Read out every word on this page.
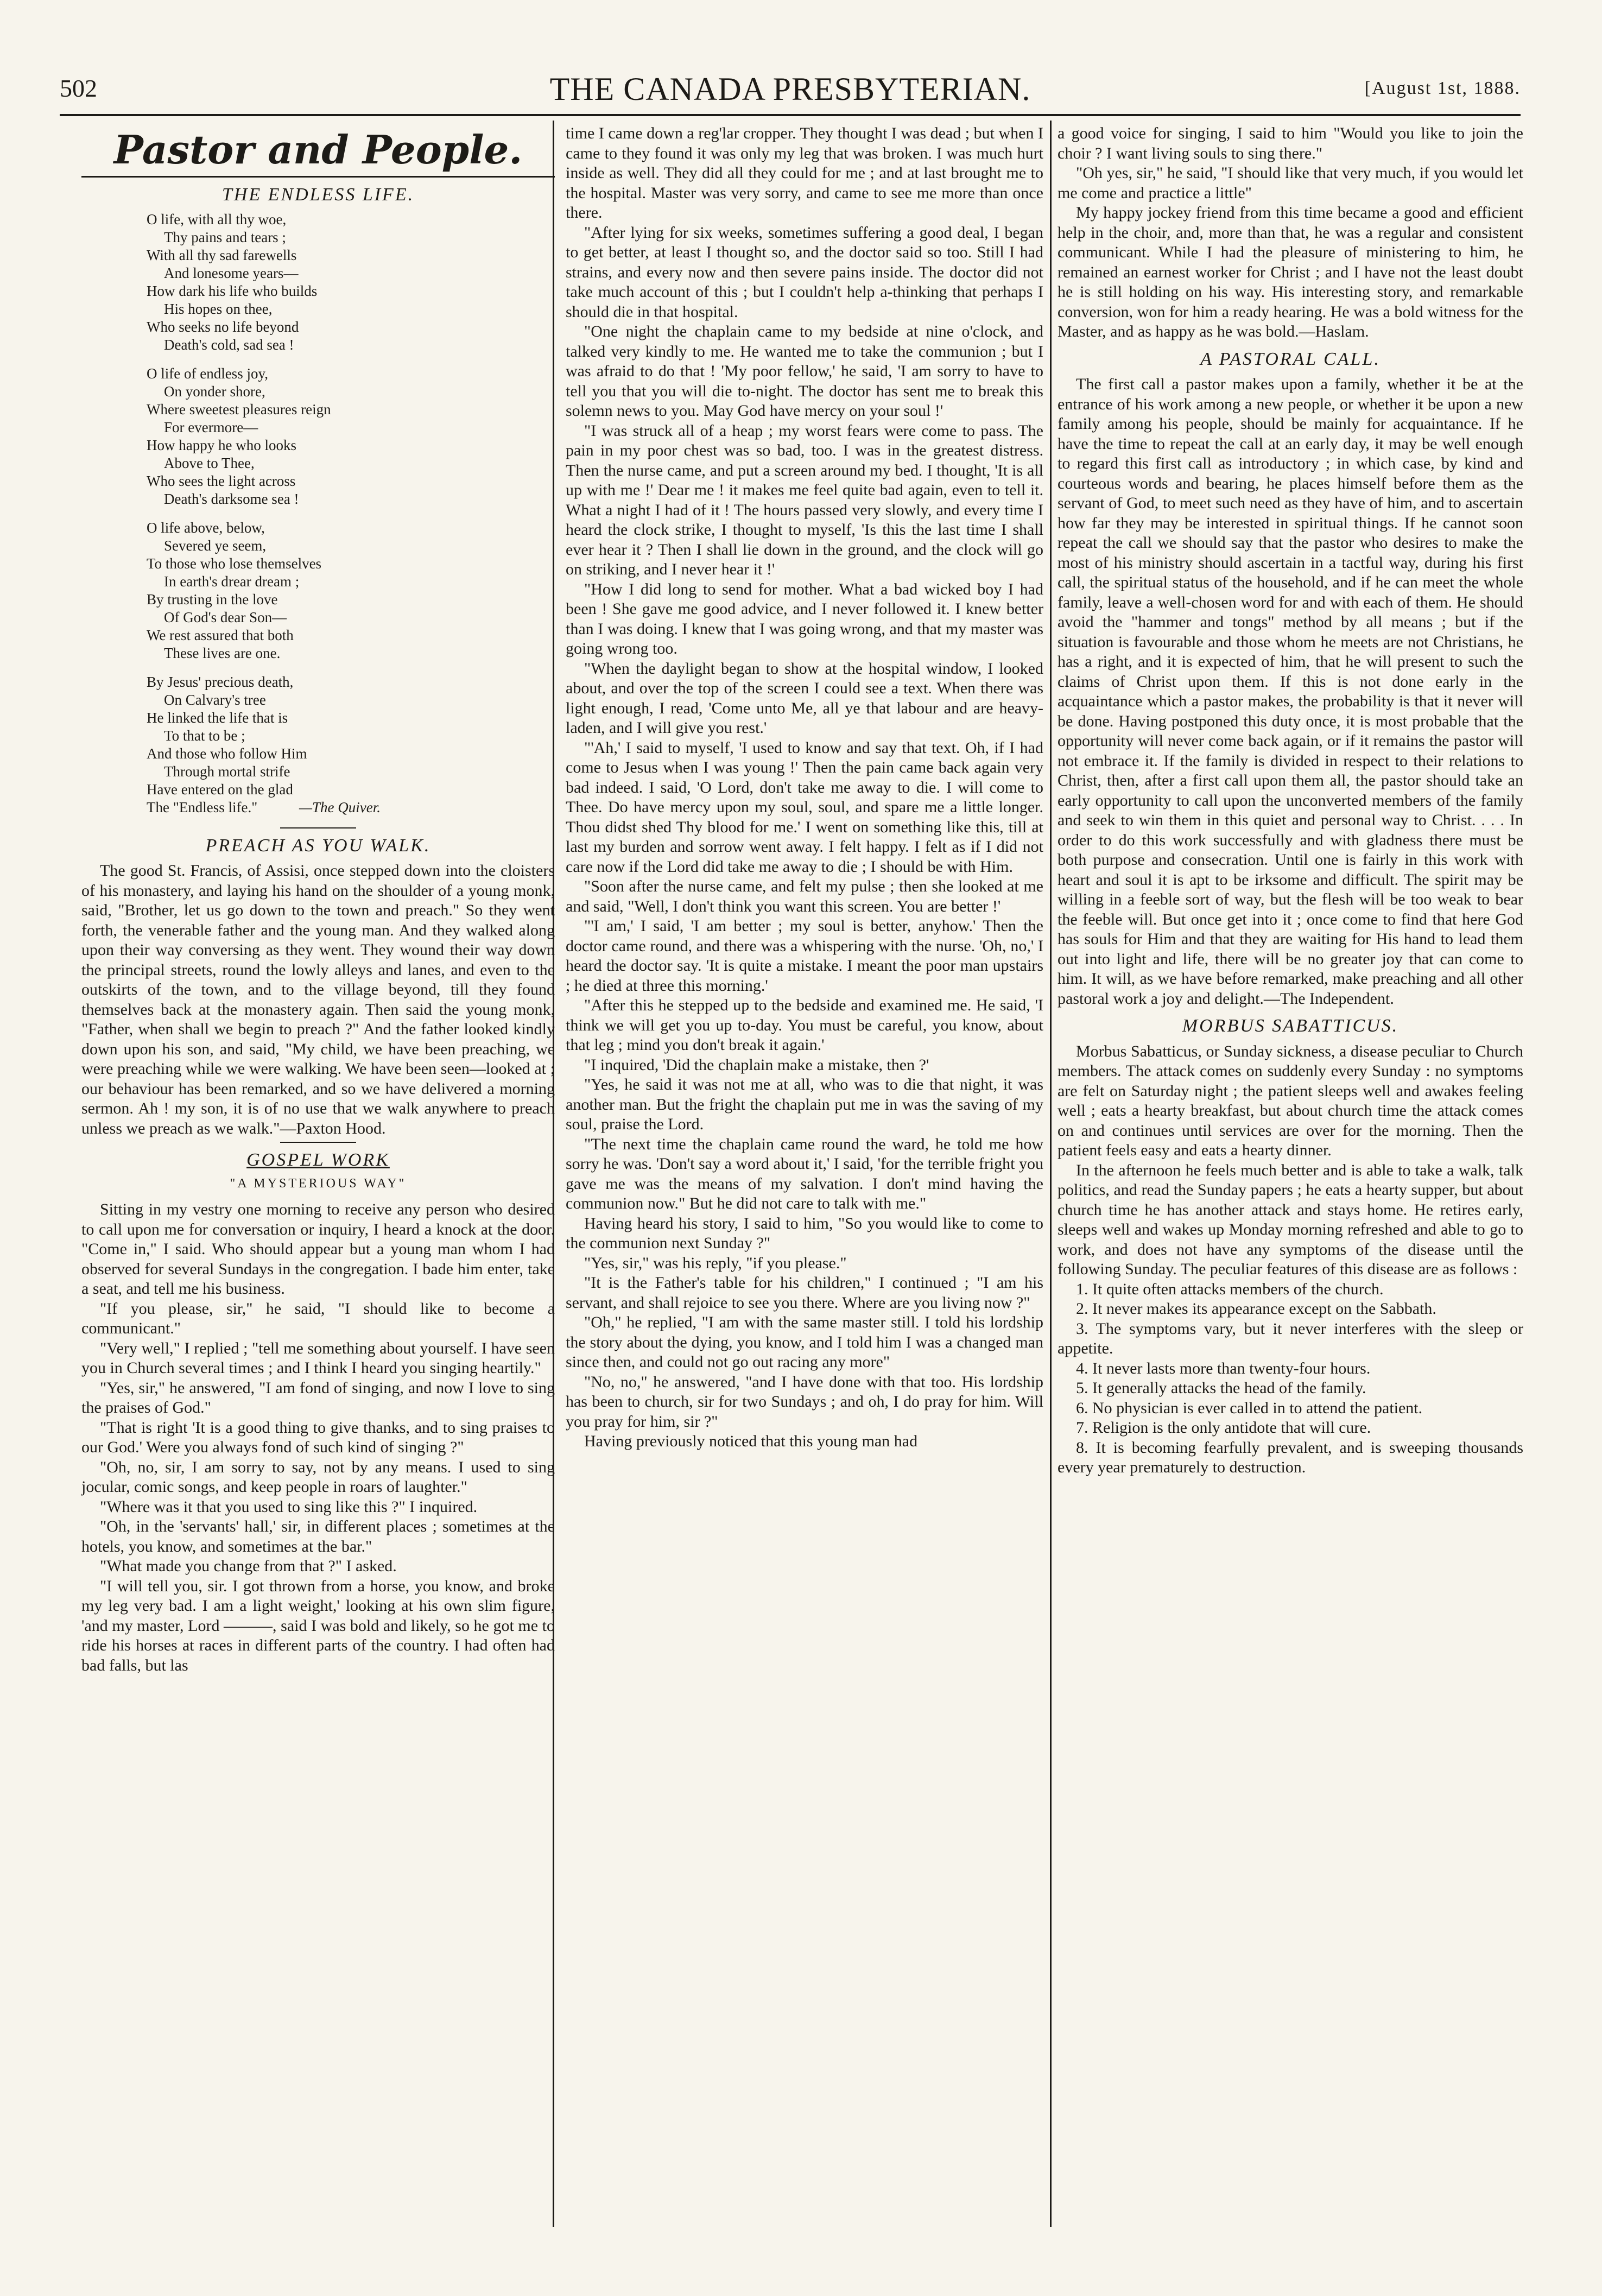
502	THE CANADA PRESBYTERIAN.	[August 1st, 1888.
Pastor and People.
THE ENDLESS LIFE.
O life, with all thy woe,
Thy pains and tears ;
With all thy sad farewells
And lonesome years—
How dark his life who builds
His hopes on thee,
Who seeks no life beyond
Death's cold, sad sea !
O life of endless joy,
On yonder shore,
Where sweetest pleasures reign
For evermore—
How happy he who looks
Above to Thee,
Who sees the light across
Death's darksome sea !
O life above, below,
Severed ye seem,
To those who lose themselves
In earth's drear dream ;
By trusting in the love
Of God's dear Son—
We rest assured that both
These lives are one.
By Jesus' precious death,
On Calvary's tree
He linked the life that is
To that to be ;
And those who follow Him
Through mortal strife
Have entered on the glad
The "Endless life."	—The Quiver.
PREACH AS YOU WALK.

The good St. Francis, of Assisi, once stepped down into the cloisters of his monastery, and laying his hand on the shoulder of a young monk, said, "Brother, let us go down to the town and preach." So they went forth, the venerable father and the young man. And they walked along upon their way conversing as they went. They wound their way down the principal streets, round the lowly alleys and lanes, and even to the outskirts of the town, and to the village beyond, till they found themselves back at the monastery again. Then said the young monk, "Father, when shall we begin to preach ?" And the father looked kindly down upon his son, and said, "My child, we have been preaching, we were preaching while we were walking. We have been seen—looked at ; our behaviour has been remarked, and so we have delivered a morning sermon. Ah ! my son, it is of no use that we walk anywhere to preach unless we preach as we walk."—Paxton Hood.

GOSPEL WORK
"A MYSTERIOUS WAY"

Sitting in my vestry one morning to receive any person who desired to call upon me for conversation or inquiry, I heard a knock at the door. "Come in," I said. Who should appear but a young man whom I had observed for several Sundays in the congregation. I bade him enter, take a seat, and tell me his business.

"If you please, sir," he said, "I should like to become a communicant."

"Very well," I replied ; "tell me something about yourself. I have seen you in Church several times ; and I think I heard you singing heartily."

"Yes, sir," he answered, "I am fond of singing, and now I love to sing the praises of God."

"That is right 'It is a good thing to give thanks, and to sing praises to our God.' Were you always fond of such kind of singing ?"

"Oh, no, sir, I am sorry to say, not by any means. I used to sing jocular, comic songs, and keep people in roars of laughter."

"Where was it that you used to sing like this ?" I inquired.

"Oh, in the 'servants' hall,' sir, in different places ; sometimes at the hotels, you know, and sometimes at the bar."

"What made you change from that ?" I asked.

"I will tell you, sir. I got thrown from a horse, you know, and broke my leg very bad. I am a light weight,' looking at his own slim figure, 'and my master, Lord ———, said I was bold and likely, so he got me to ride his horses at races in different parts of the country. I had often had bad falls, but las

time I came down a reg'lar cropper. They thought I was dead ; but when I came to they found it was only my leg that was broken. I was much hurt inside as well. They did all they could for me ; and at last brought me to the hospital. Master was very sorry, and came to see me more than once there.

"After lying for six weeks, sometimes suffering a good deal, I began to get better, at least I thought so, and the doctor said so too. Still I had strains, and every now and then severe pains inside. The doctor did not take much account of this ; but I couldn't help a-thinking that perhaps I should die in that hospital.

"One night the chaplain came to my bedside at nine o'clock, and talked very kindly to me. He wanted me to take the communion ; but I was afraid to do that ! 'My poor fellow,' he said, 'I am sorry to have to tell you that you will die to-night. The doctor has sent me to break this solemn news to you. May God have mercy on your soul !'

"I was struck all of a heap ; my worst fears were come to pass. The pain in my poor chest was so bad, too. I was in the greatest distress. Then the nurse came, and put a screen around my bed. I thought, 'It is all up with me !' Dear me ! it makes me feel quite bad again, even to tell it. What a night I had of it ! The hours passed very slowly, and every time I heard the clock strike, I thought to myself, 'Is this the last time I shall ever hear it ? Then I shall lie down in the ground, and the clock will go on striking, and I never hear it !'

"How I did long to send for mother. What a bad wicked boy I had been ! She gave me good advice, and I never followed it. I knew better than I was doing. I knew that I was going wrong, and that my master was going wrong too.

"When the daylight began to show at the hospital window, I looked about, and over the top of the screen I could see a text. When there was light enough, I read, 'Come unto Me, all ye that labour and are heavy-laden, and I will give you rest.'

"'Ah,' I said to myself, 'I used to know and say that text. Oh, if I had come to Jesus when I was young !' Then the pain came back again very bad indeed. I said, 'O Lord, don't take me away to die. I will come to Thee. Do have mercy upon my soul, soul, and spare me a little longer. Thou didst shed Thy blood for me.' I went on something like this, till at last my burden and sorrow went away. I felt happy. I felt as if I did not care now if the Lord did take me away to die ; I should be with Him.

"Soon after the nurse came, and felt my pulse ; then she looked at me and said, "Well, I don't think you want this screen. You are better !'

"'I am,' I said, 'I am better ; my soul is better, anyhow.' Then the doctor came round, and there was a whispering with the nurse. 'Oh, no,' I heard the doctor say. 'It is quite a mistake. I meant the poor man upstairs ; he died at three this morning.'

"After this he stepped up to the bedside and examined me. He said, 'I think we will get you up to-day. You must be careful, you know, about that leg ; mind you don't break it again.'

"I inquired, 'Did the chaplain make a mistake, then ?'

"Yes, he said it was not me at all, who was to die that night, it was another man. But the fright the chaplain put me in was the saving of my soul, praise the Lord.

"The next time the chaplain came round the ward, he told me how sorry he was. 'Don't say a word about it,' I said, 'for the terrible fright you gave me was the means of my salvation. I don't mind having the communion now." But he did not care to talk with me."

Having heard his story, I said to him, "So you would like to come to the communion next Sunday ?"

"Yes, sir," was his reply, "if you please."

"It is the Father's table for his children," I continued ; "I am his servant, and shall rejoice to see you there. Where are you living now ?"

"Oh," he replied, "I am with the same master still. I told his lordship the story about the dying, you know, and I told him I was a changed man since then, and could not go out racing any more"

"No, no," he answered, "and I have done with that too. His lordship has been to church, sir for two Sundays ; and oh, I do pray for him. Will you pray for him, sir ?"

Having previously noticed that this young man had

a good voice for singing, I said to him "Would you like to join the choir ? I want living souls to sing there."

"Oh yes, sir," he said, "I should like that very much, if you would let me come and practice a little"

My happy jockey friend from this time became a good and efficient help in the choir, and, more than that, he was a regular and consistent communicant. While I had the pleasure of ministering to him, he remained an earnest worker for Christ ; and I have not the least doubt he is still holding on his way. His interesting story, and remarkable conversion, won for him a ready hearing. He was a bold witness for the Master, and as happy as he was bold.—Haslam.

A PASTORAL CALL.

The first call a pastor makes upon a family, whether it be at the entrance of his work among a new people, or whether it be upon a new family among his people, should be mainly for acquaintance. If he have the time to repeat the call at an early day, it may be well enough to regard this first call as introductory ; in which case, by kind and courteous words and bearing, he places himself before them as the servant of God, to meet such need as they have of him, and to ascertain how far they may be interested in spiritual things. If he cannot soon repeat the call we should say that the pastor who desires to make the most of his ministry should ascertain in a tactful way, during his first call, the spiritual status of the household, and if he can meet the whole family, leave a well-chosen word for and with each of them. He should avoid the "hammer and tongs" method by all means ; but if the situation is favourable and those whom he meets are not Christians, he has a right, and it is expected of him, that he will present to such the claims of Christ upon them. If this is not done early in the acquaintance which a pastor makes, the probability is that it never will be done. Having postponed this duty once, it is most probable that the opportunity will never come back again, or if it remains the pastor will not embrace it. If the family is divided in respect to their relations to Christ, then, after a first call upon them all, the pastor should take an early opportunity to call upon the unconverted members of the family and seek to win them in this quiet and personal way to Christ. . . . In order to do this work successfully and with gladness there must be both purpose and consecration. Until one is fairly in this work with heart and soul it is apt to be irksome and difficult. The spirit may be willing in a feeble sort of way, but the flesh will be too weak to bear the feeble will. But once get into it ; once come to find that here God has souls for Him and that they are waiting for His hand to lead them out into light and life, there will be no greater joy that can come to him. It will, as we have before remarked, make preaching and all other pastoral work a joy and delight.—The Independent.

MORBUS SABATTICUS.

Morbus Sabatticus, or Sunday sickness, a disease peculiar to Church members. The attack comes on suddenly every Sunday : no symptoms are felt on Saturday night ; the patient sleeps well and awakes feeling well ; eats a hearty breakfast, but about church time the attack comes on and continues until services are over for the morning. Then the patient feels easy and eats a hearty dinner.

In the afternoon he feels much better and is able to take a walk, talk politics, and read the Sunday papers ; he eats a hearty supper, but about church time he has another attack and stays home. He retires early, sleeps well and wakes up Monday morning refreshed and able to go to work, and does not have any symptoms of the disease until the following Sunday. The peculiar features of this disease are as follows :

1. It quite often attacks members of the church.

2. It never makes its appearance except on the Sabbath.

3. The symptoms vary, but it never interferes with the sleep or appetite.

4. It never lasts more than twenty-four hours.

5. It generally attacks the head of the family.

6. No physician is ever called in to attend the patient.

7. Religion is the only antidote that will cure.

8. It is becoming fearfully prevalent, and is sweeping thousands every year prematurely to destruction.
